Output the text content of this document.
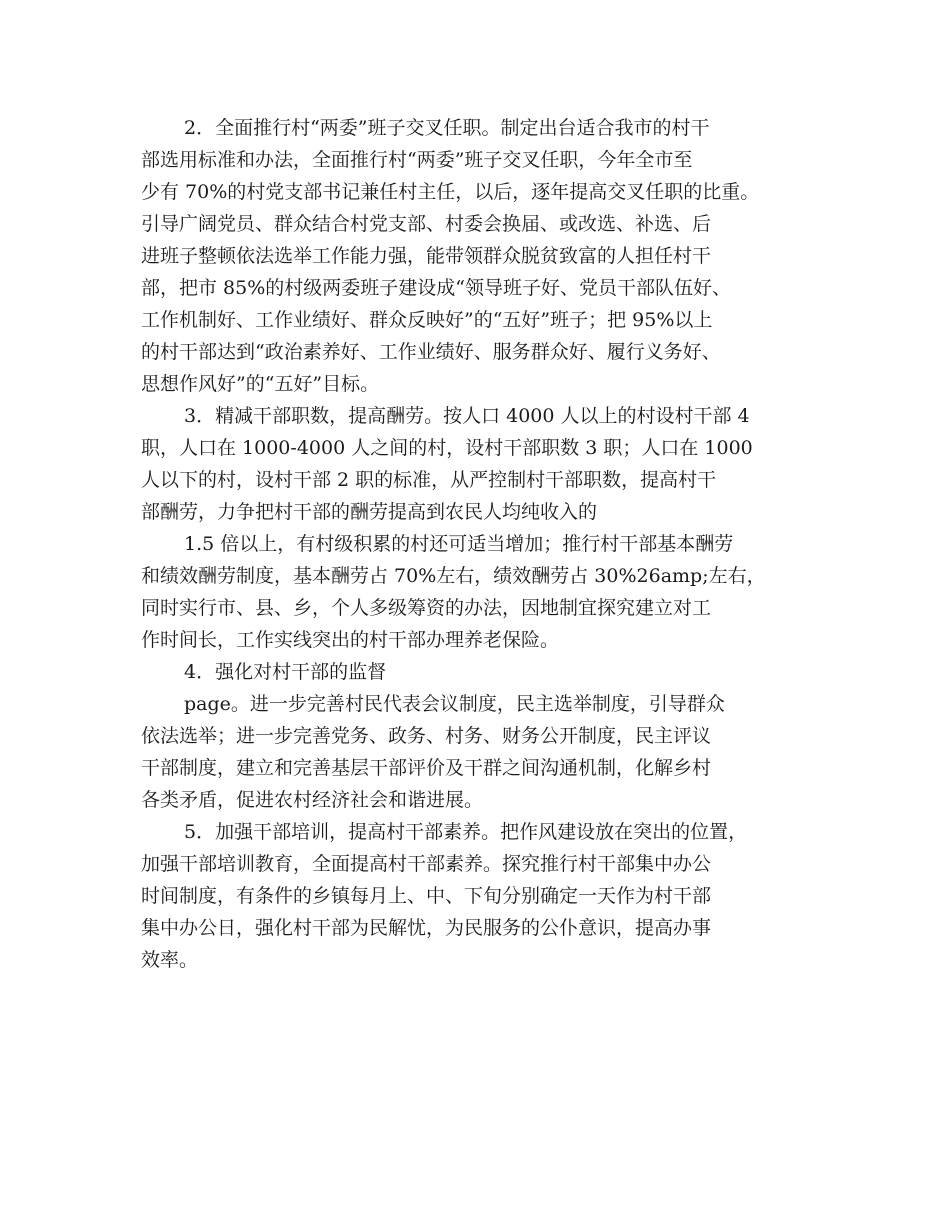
2．全面推行村“两委”班子交叉任职。制定出台适合我市的村干
部选用标准和办法，全面推行村“两委”班子交叉任职，今年全市至
少有 70%的村党支部书记兼任村主任，以后，逐年提高交叉任职的比重。
引导广阔党员、群众结合村党支部、村委会换届、或改选、补选、后
进班子整顿依法选举工作能力强，能带领群众脱贫致富的人担任村干
部，把市 85%的村级两委班子建设成“领导班子好、党员干部队伍好、
工作机制好、工作业绩好、群众反映好”的“五好”班子；把 95%以上
的村干部达到“政治素养好、工作业绩好、服务群众好、履行义务好、
思想作风好”的“五好”目标。
3．精减干部职数，提高酬劳。按人口 4000 人以上的村设村干部 4
职，人口在 1000-4000 人之间的村，设村干部职数 3 职；人口在 1000
人以下的村，设村干部 2 职的标准，从严控制村干部职数，提高村干
部酬劳，力争把村干部的酬劳提高到农民人均纯收入的
1.5 倍以上，有村级积累的村还可适当增加；推行村干部基本酬劳
和绩效酬劳制度，基本酬劳占 70%左右，绩效酬劳占 30%26amp;左右，
同时实行市、县、乡，个人多级筹资的办法，因地制宜探究建立对工
作时间长，工作实线突出的村干部办理养老保险。
4．强化对村干部的监督
page。进一步完善村民代表会议制度，民主选举制度，引导群众
依法选举；进一步完善党务、政务、村务、财务公开制度，民主评议
干部制度，建立和完善基层干部评价及干群之间沟通机制，化解乡村
各类矛盾，促进农村经济社会和谐进展。
5．加强干部培训，提高村干部素养。把作风建设放在突出的位置，
加强干部培训教育，全面提高村干部素养。探究推行村干部集中办公
时间制度，有条件的乡镇每月上、中、下旬分别确定一天作为村干部
集中办公日，强化村干部为民解忧，为民服务的公仆意识，提高办事
效率。
